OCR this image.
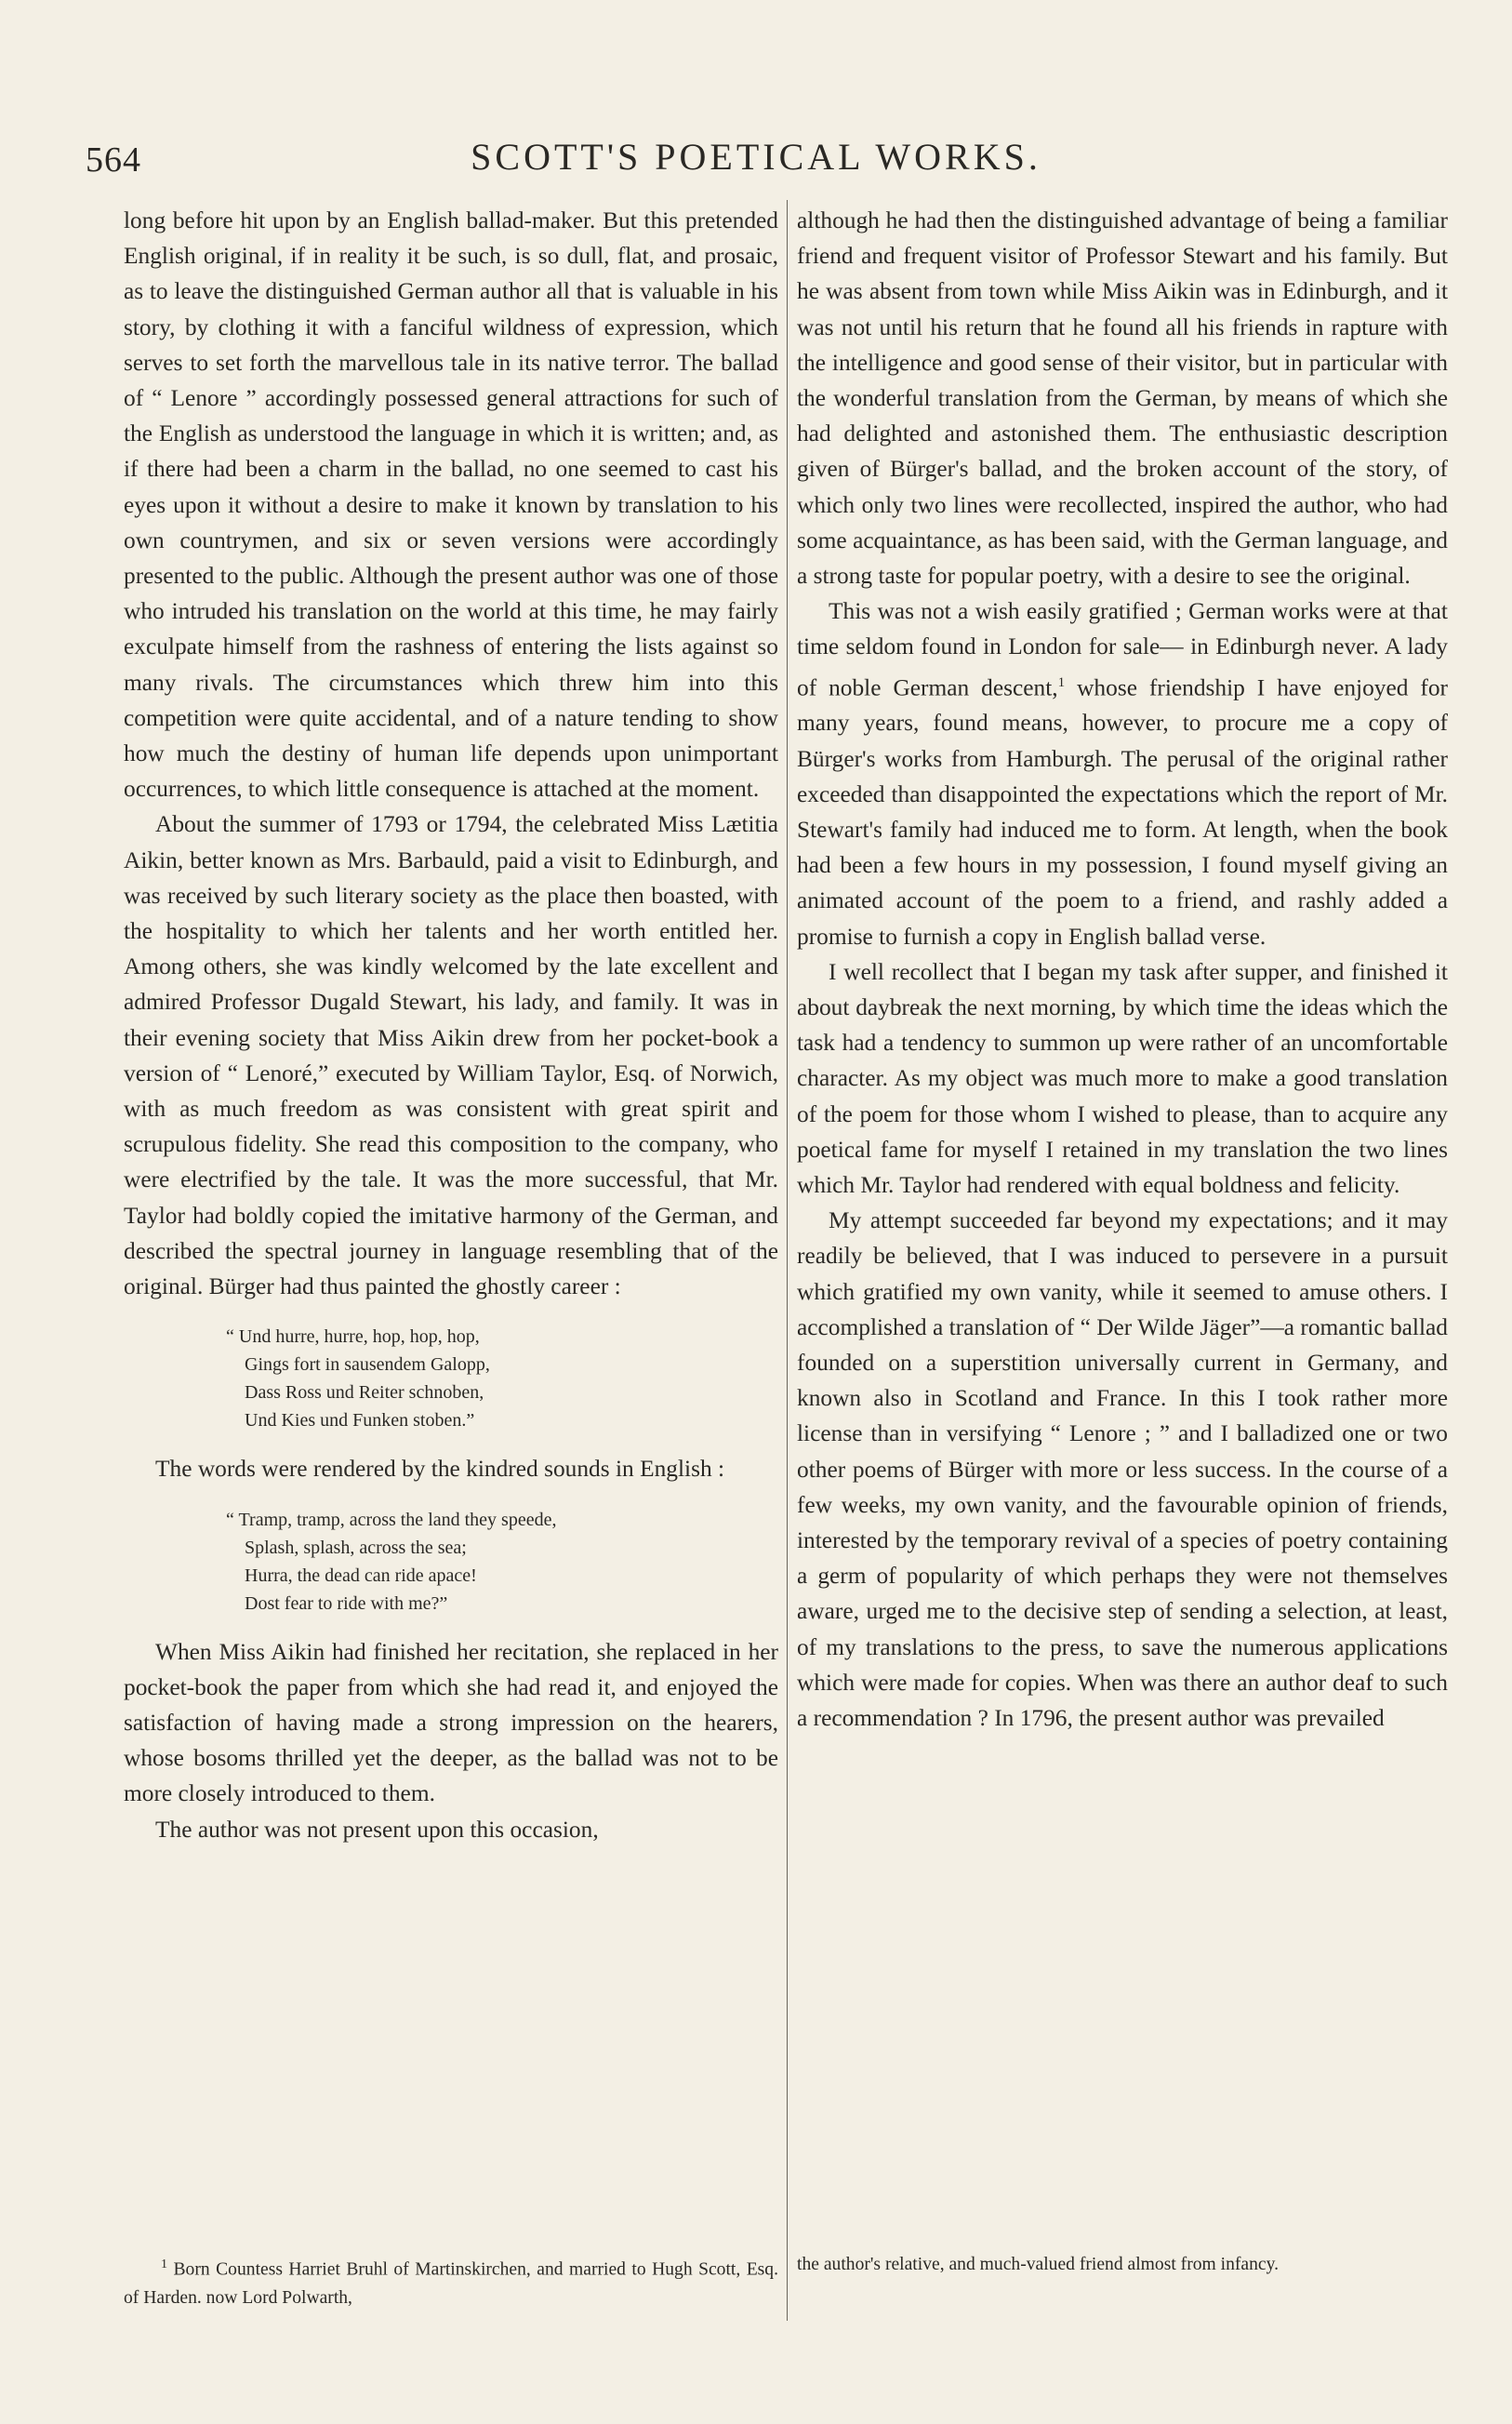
564	SCOTT'S POETICAL WORKS.

long before hit upon by an English ballad-maker. But this pretended English original, if in reality it be such, is so dull, flat, and prosaic, as to leave the distinguished German author all that is valuable in his story, by clothing it with a fanciful wildness of expression, which serves to set forth the marvellous tale in its native terror. The ballad of “ Lenore ” accordingly possessed general attractions for such of the English as understood the language in which it is written; and, as if there had been a charm in the ballad, no one seemed to cast his eyes upon it without a desire to make it known by translation to his own countrymen, and six or seven versions were accordingly presented to the public. Although the present author was one of those who intruded his translation on the world at this time, he may fairly exculpate himself from the rashness of entering the lists against so many rivals. The circumstances which threw him into this competition were quite accidental, and of a nature tending to show how much the destiny of human life depends upon unimportant occurrences, to which little consequence is attached at the moment.

About the summer of 1793 or 1794, the celebrated Miss Lætitia Aikin, better known as Mrs. Barbauld, paid a visit to Edinburgh, and was received by such literary society as the place then boasted, with the hospitality to which her talents and her worth entitled her. Among others, she was kindly welcomed by the late excellent and admired Professor Dugald Stewart, his lady, and family. It was in their evening society that Miss Aikin drew from her pocket-book a version of “ Lenoré,” executed by William Taylor, Esq. of Norwich, with as much freedom as was consistent with great spirit and scrupulous fidelity. She read this composition to the company, who were electrified by the tale. It was the more successful, that Mr. Taylor had boldly copied the imitative harmony of the German, and described the spectral journey in language resembling that of the original. Bürger had thus painted the ghostly career :

“ Und hurre, hurre, hop, hop, hop,
Gings fort in sausendem Galopp,
Dass Ross und Reiter schnoben,
Und Kies und Funken stoben.”

The words were rendered by the kindred sounds in English :

“ Tramp, tramp, across the land they speede,
Splash, splash, across the sea;
Hurra, the dead can ride apace!
Dost fear to ride with me?”

When Miss Aikin had finished her recitation, she replaced in her pocket-book the paper from which she had read it, and enjoyed the satisfaction of having made a strong impression on the hearers, whose bosoms thrilled yet the deeper, as the ballad was not to be more closely introduced to them.

The author was not present upon this occasion,

although he had then the distinguished advantage of being a familiar friend and frequent visitor of Professor Stewart and his family. But he was absent from town while Miss Aikin was in Edinburgh, and it was not until his return that he found all his friends in rapture with the intelligence and good sense of their visitor, but in particular with the wonderful translation from the German, by means of which she had delighted and astonished them. The enthusiastic description given of Bürger's ballad, and the broken account of the story, of which only two lines were recollected, inspired the author, who had some acquaintance, as has been said, with the German language, and a strong taste for popular poetry, with a desire to see the original.

This was not a wish easily gratified ; German works were at that time seldom found in London for sale— in Edinburgh never. A lady of noble German descent,$^1$ whose friendship I have enjoyed for many years, found means, however, to procure me a copy of Bürger's works from Hamburgh. The perusal of the original rather exceeded than disappointed the expectations which the report of Mr. Stewart's family had induced me to form. At length, when the book had been a few hours in my possession, I found myself giving an animated account of the poem to a friend, and rashly added a promise to furnish a copy in English ballad verse.

I well recollect that I began my task after supper, and finished it about daybreak the next morning, by which time the ideas which the task had a tendency to summon up were rather of an uncomfortable character. As my object was much more to make a good translation of the poem for those whom I wished to please, than to acquire any poetical fame for myself I retained in my translation the two lines which Mr. Taylor had rendered with equal boldness and felicity.

My attempt succeeded far beyond my expectations; and it may readily be believed, that I was induced to persevere in a pursuit which gratified my own vanity, while it seemed to amuse others. I accomplished a translation of “ Der Wilde Jäger”—a romantic ballad founded on a superstition universally current in Germany, and known also in Scotland and France. In this I took rather more license than in versifying “ Lenore ; ” and I balladized one or two other poems of Bürger with more or less success. In the course of a few weeks, my own vanity, and the favourable opinion of friends, interested by the temporary revival of a species of poetry containing a germ of popularity of which perhaps they were not themselves aware, urged me to the decisive step of sending a selection, at least, of my translations to the press, to save the numerous applications which were made for copies. When was there an author deaf to such a recommendation ? In 1796, the present author was prevailed

$^1$ Born Countess Harriet Bruhl of Martinskirchen, and married to Hugh Scott, Esq. of Harden. now Lord Polwarth,
the author's relative, and much-valued friend almost from infancy.
